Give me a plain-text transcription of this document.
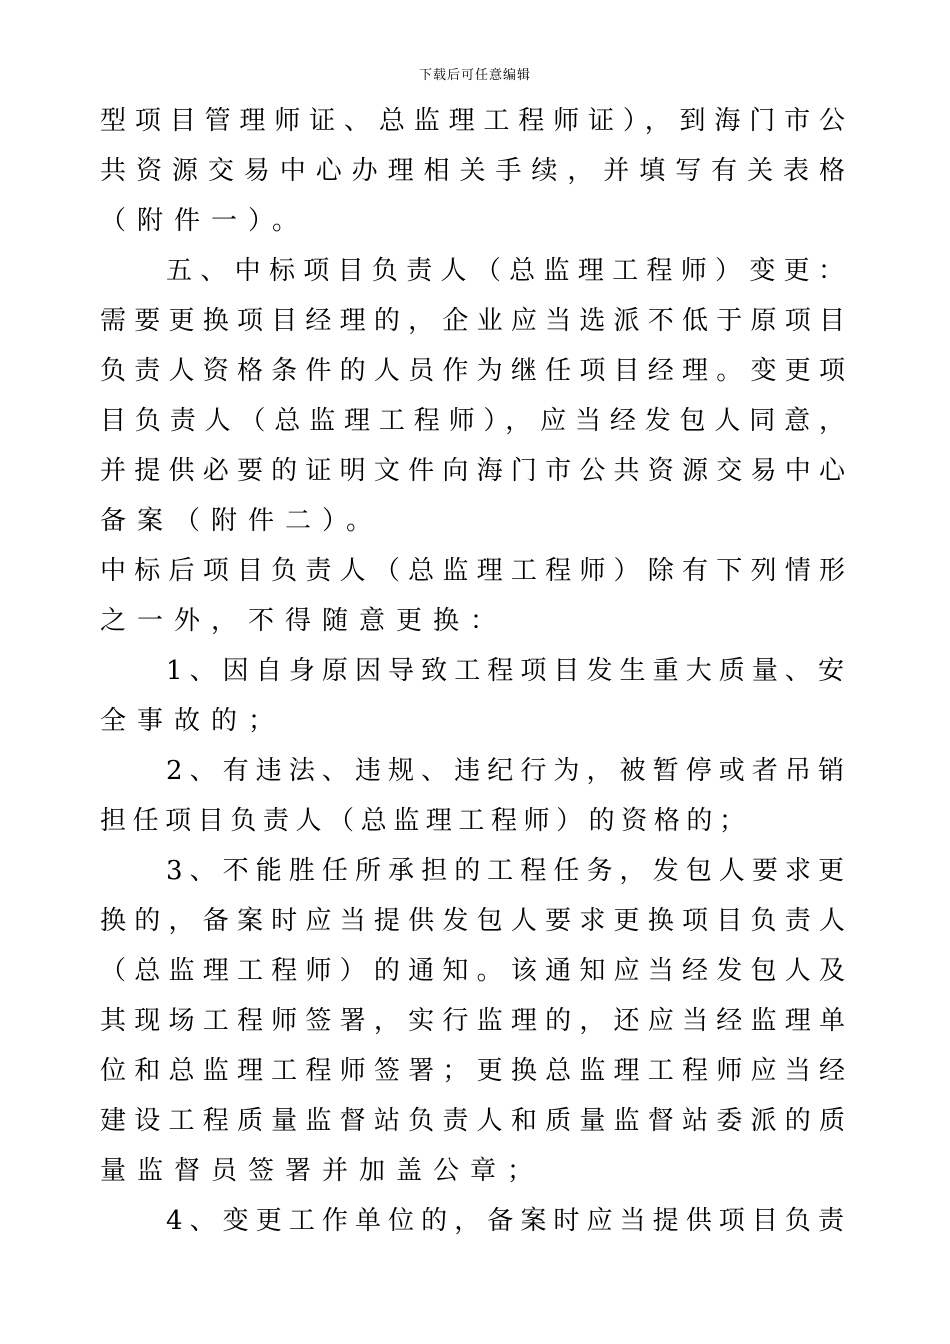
下载后可任意编辑
型项目管理师证、总监理工程师证），到海门市公
共资源交易中心办理相关手续，并填写有关表格
（附件一）。
五、中标项目负责人（总监理工程师）变更：
需要更换项目经理的，企业应当选派不低于原项目
负责人资格条件的人员作为继任项目经理。变更项
目负责人（总监理工程师），应当经发包人同意，
并提供必要的证明文件向海门市公共资源交易中心
备案（附件二）。
中标后项目负责人（总监理工程师）除有下列情形
之一外，不得随意更换：
1、因自身原因导致工程项目发生重大质量、安
全事故的；
2、有违法、违规、违纪行为，被暂停或者吊销
担任项目负责人（总监理工程师）的资格的；
3、不能胜任所承担的工程任务，发包人要求更
换的，备案时应当提供发包人要求更换项目负责人
（总监理工程师）的通知。该通知应当经发包人及
其现场工程师签署，实行监理的，还应当经监理单
位和总监理工程师签署；更换总监理工程师应当经
建设工程质量监督站负责人和质量监督站委派的质
量监督员签署并加盖公章；
4、变更工作单位的，备案时应当提供项目负责
